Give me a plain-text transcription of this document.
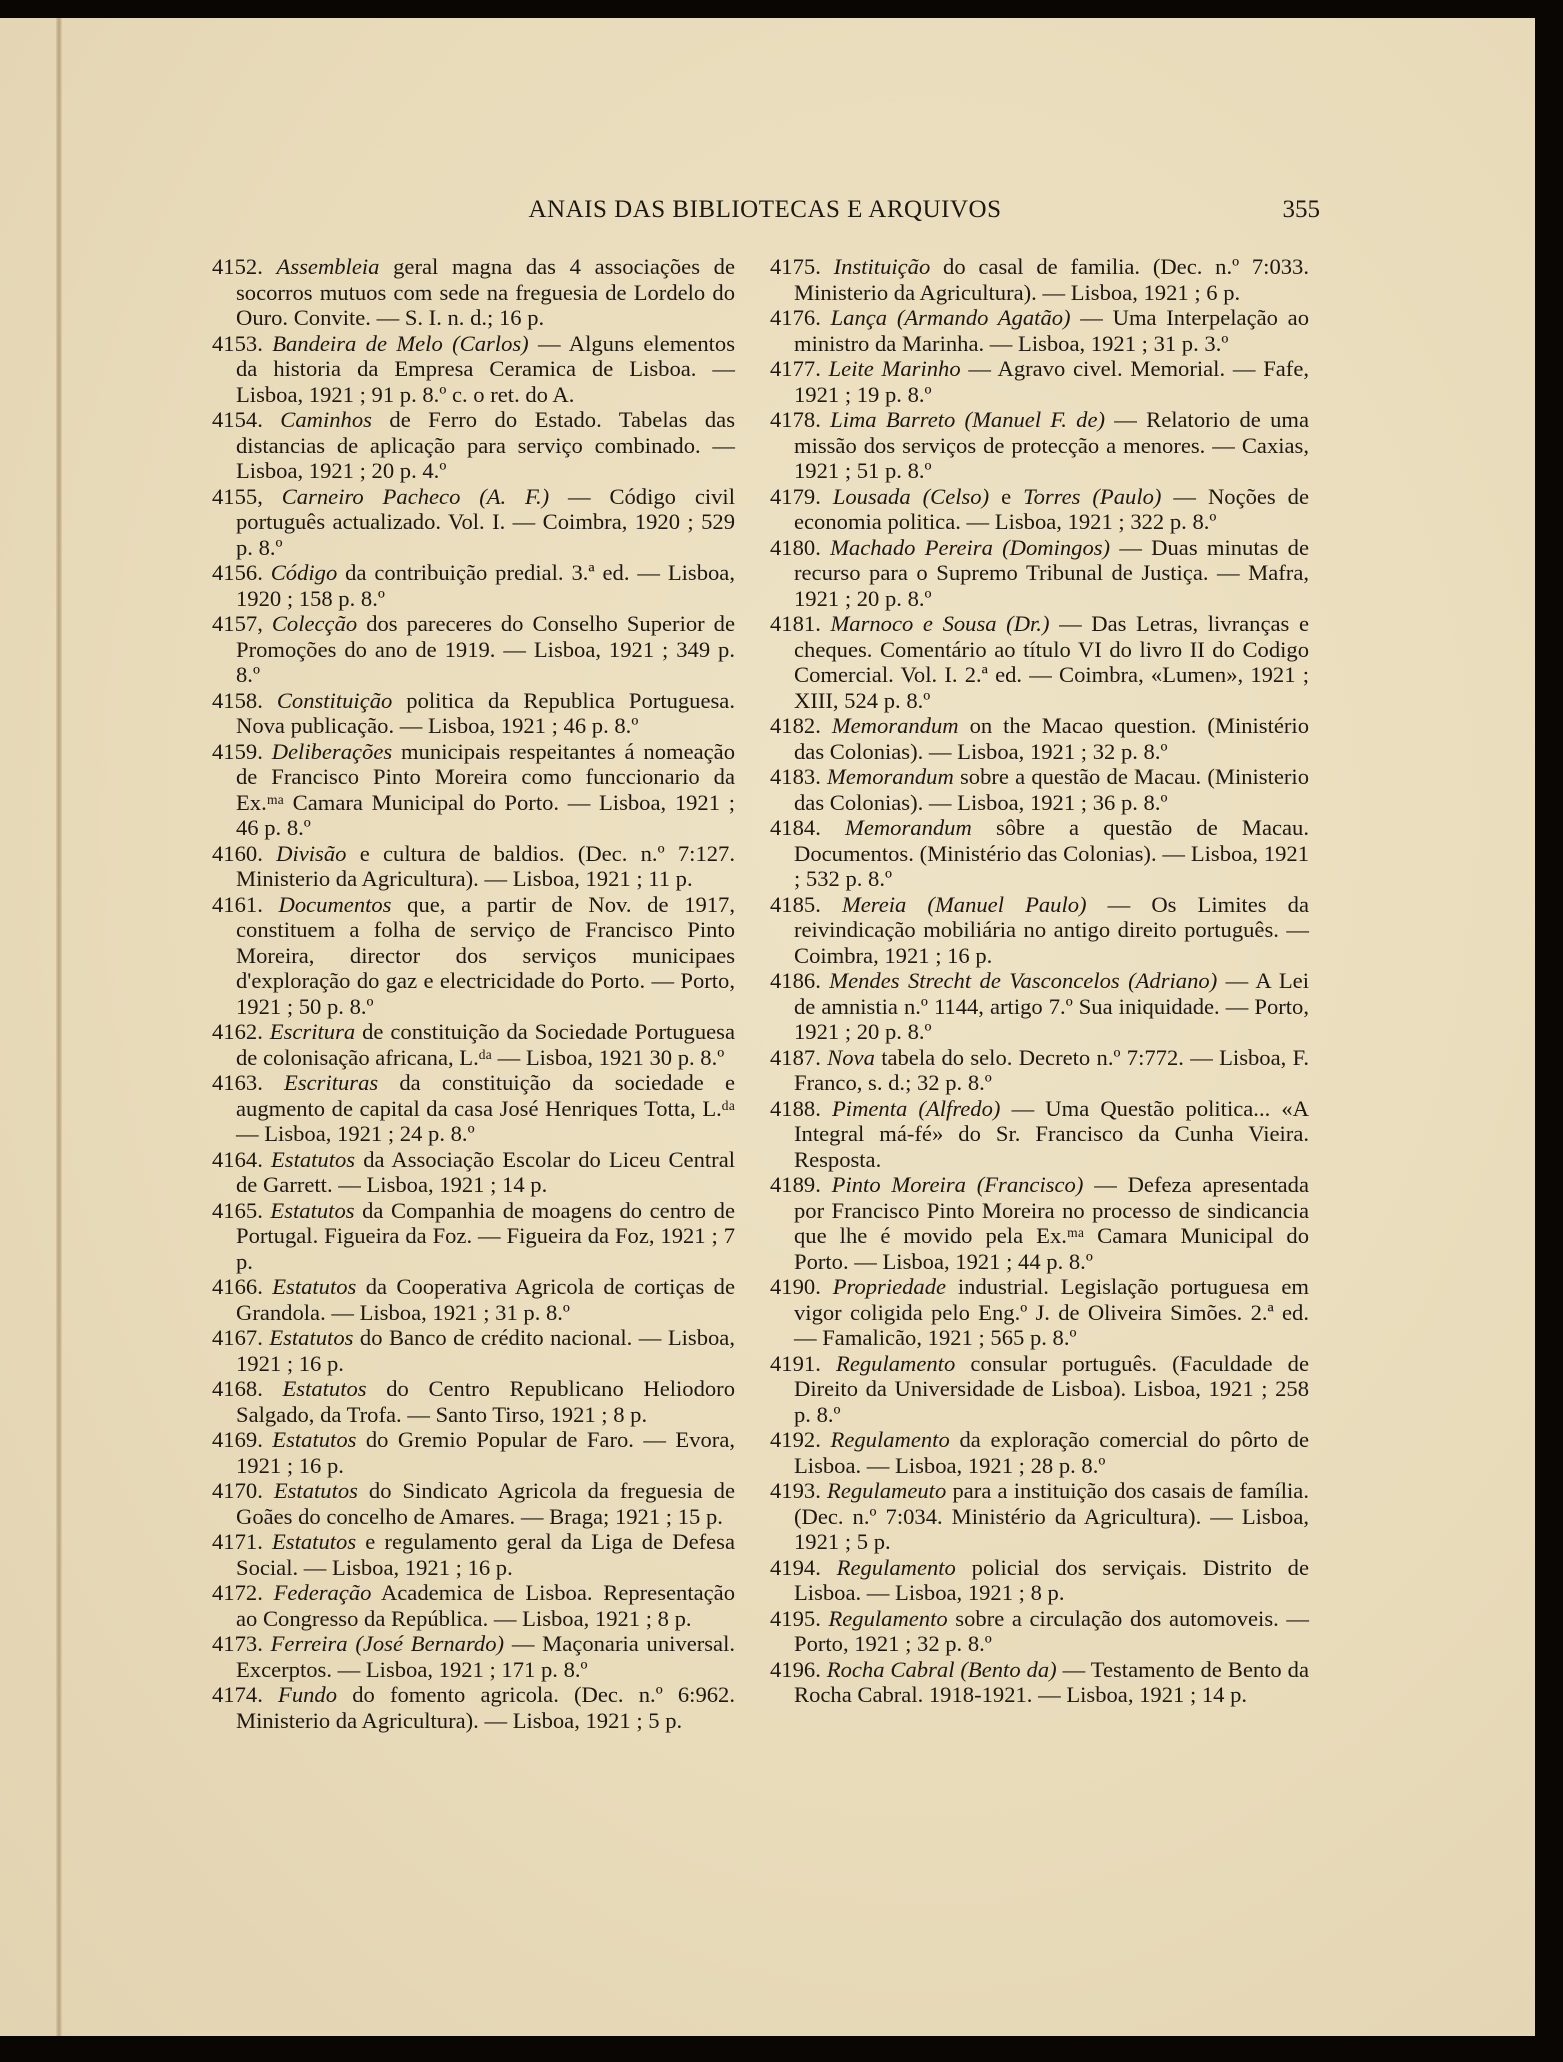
ANAIS DAS BIBLIOTECAS E ARQUIVOS	355

4152. Assembleia geral magna das 4 associações de socorros mutuos com sede na freguesia de Lordelo do Ouro. Convite. — S. I. n. d.; 16 p.

4153. Bandeira de Melo (Carlos) — Alguns elementos da historia da Empresa Ceramica de Lisboa. — Lisboa, 1921 ; 91 p. 8.º c. o ret. do A.

4154. Caminhos de Ferro do Estado. Tabelas das distancias de aplicação para serviço combinado. — Lisboa, 1921 ; 20 p. 4.º

4155, Carneiro Pacheco (A. F.) — Código civil português actualizado. Vol. I. — Coimbra, 1920 ; 529 p. 8.º

4156. Código da contribuição predial. 3.ª ed. — Lisboa, 1920 ; 158 p. 8.º

4157, Colecção dos pareceres do Conselho Superior de Promoções do ano de 1919. — Lisboa, 1921 ; 349 p. 8.º

4158. Constituição politica da Republica Portuguesa. Nova publicação. — Lisboa, 1921 ; 46 p. 8.º

4159. Deliberações municipais respeitantes á nomeação de Francisco Pinto Moreira como funccionario da Ex.ᵐᵃ Camara Municipal do Porto. — Lisboa, 1921 ; 46 p. 8.º

4160. Divisão e cultura de baldios. (Dec. n.º 7:127. Ministerio da Agricultura). — Lisboa, 1921 ; 11 p.

4161. Documentos que, a partir de Nov. de 1917, constituem a folha de serviço de Francisco Pinto Moreira, director dos serviços municipaes d'exploração do gaz e electricidade do Porto. — Porto, 1921 ; 50 p. 8.º

4162. Escritura de constituição da Sociedade Portuguesa de colonisação africana, L.ᵈᵃ — Lisboa, 1921 30 p. 8.º

4163. Escrituras da constituição da sociedade e augmento de capital da casa José Henriques Totta, L.ᵈᵃ — Lisboa, 1921 ; 24 p. 8.º

4164. Estatutos da Associação Escolar do Liceu Central de Garrett. — Lisboa, 1921 ; 14 p.

4165. Estatutos da Companhia de moagens do centro de Portugal. Figueira da Foz. — Figueira da Foz, 1921 ; 7 p.

4166. Estatutos da Cooperativa Agricola de cortiças de Grandola. — Lisboa, 1921 ; 31 p. 8.º

4167. Estatutos do Banco de crédito nacional. — Lisboa, 1921 ; 16 p.

4168. Estatutos do Centro Republicano Heliodoro Salgado, da Trofa. — Santo Tirso, 1921 ; 8 p.

4169. Estatutos do Gremio Popular de Faro. — Evora, 1921 ; 16 p.

4170. Estatutos do Sindicato Agricola da freguesia de Goães do concelho de Amares. — Braga; 1921 ; 15 p.

4171. Estatutos e regulamento geral da Liga de Defesa Social. — Lisboa, 1921 ; 16 p.

4172. Federação Academica de Lisboa. Representação ao Congresso da República. — Lisboa, 1921 ; 8 p.

4173. Ferreira (José Bernardo) — Maçonaria universal. Excerptos. — Lisboa, 1921 ; 171 p. 8.º

4174. Fundo do fomento agricola. (Dec. n.º 6:962. Ministerio da Agricultura). — Lisboa, 1921 ; 5 p.

4175. Instituição do casal de familia. (Dec. n.º 7:033. Ministerio da Agricultura). — Lisboa, 1921 ; 6 p.

4176. Lança (Armando Agatão) — Uma Interpelação ao ministro da Marinha. — Lisboa, 1921 ; 31 p. 3.º

4177. Leite Marinho — Agravo civel. Memorial. — Fafe, 1921 ; 19 p. 8.º

4178. Lima Barreto (Manuel F. de) — Relatorio de uma missão dos serviços de protecção a menores. — Caxias, 1921 ; 51 p. 8.º

4179. Lousada (Celso) e Torres (Paulo) — Noções de economia politica. — Lisboa, 1921 ; 322 p. 8.º

4180. Machado Pereira (Domingos) — Duas minutas de recurso para o Supremo Tribunal de Justiça. — Mafra, 1921 ; 20 p. 8.º

4181. Marnoco e Sousa (Dr.) — Das Letras, livranças e cheques. Comentário ao título VI do livro II do Codigo Comercial. Vol. I. 2.ª ed. — Coimbra, «Lumen», 1921 ; XIII, 524 p. 8.º

4182. Memorandum on the Macao question. (Ministério das Colonias). — Lisboa, 1921 ; 32 p. 8.º

4183. Memorandum sobre a questão de Macau. (Ministerio das Colonias). — Lisboa, 1921 ; 36 p. 8.º

4184. Memorandum sôbre a questão de Macau. Documentos. (Ministério das Colonias). — Lisboa, 1921 ; 532 p. 8.º

4185. Mereia (Manuel Paulo) — Os Limites da reivindicação mobiliária no antigo direito português. — Coimbra, 1921 ; 16 p.

4186. Mendes Strecht de Vasconcelos (Adriano) — A Lei de amnistia n.º 1144, artigo 7.º Sua iniquidade. — Porto, 1921 ; 20 p. 8.º

4187. Nova tabela do selo. Decreto n.º 7:772. — Lisboa, F. Franco, s. d.; 32 p. 8.º

4188. Pimenta (Alfredo) — Uma Questão politica... «A Integral má-fé» do Sr. Francisco da Cunha Vieira. Resposta.

4189. Pinto Moreira (Francisco) — Defeza apresentada por Francisco Pinto Moreira no processo de sindicancia que lhe é movido pela Ex.ᵐᵃ Camara Municipal do Porto. — Lisboa, 1921 ; 44 p. 8.º

4190. Propriedade industrial. Legislação portuguesa em vigor coligida pelo Eng.º J. de Oliveira Simões. 2.ª ed. — Famalicão, 1921 ; 565 p. 8.º

4191. Regulamento consular português. (Faculdade de Direito da Universidade de Lisboa). Lisboa, 1921 ; 258 p. 8.º

4192. Regulamento da exploração comercial do pôrto de Lisboa. — Lisboa, 1921 ; 28 p. 8.º

4193. Regulameuto para a instituição dos casais de família. (Dec. n.º 7:034. Ministério da Agricultura). — Lisboa, 1921 ; 5 p.

4194. Regulamento policial dos serviçais. Distrito de Lisboa. — Lisboa, 1921 ; 8 p.

4195. Regulamento sobre a circulação dos automoveis. — Porto, 1921 ; 32 p. 8.º

4196. Rocha Cabral (Bento da) — Testamento de Bento da Rocha Cabral. 1918-1921. — Lisboa, 1921 ; 14 p.
